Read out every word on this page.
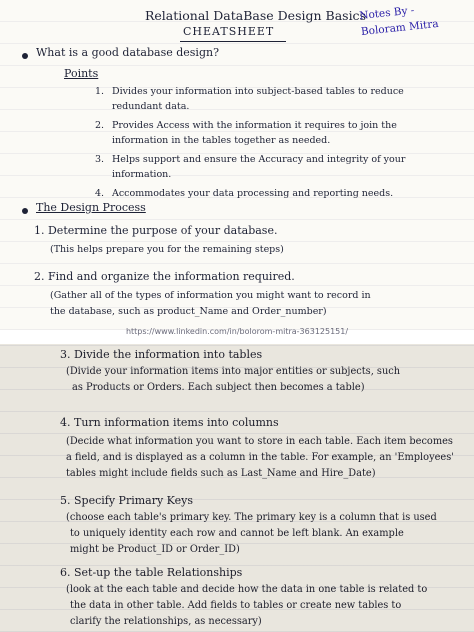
Relational DataBase Design Basics
CHEATSHEET
Notes By -
Boloram Mitra
What is a good database design?
Points
1. Divides your information into subject-based tables to reduce
redundant data.
2. Provides Access with the information it requires to join the
information in the tables together as needed.
3. Helps support and ensure the Accuracy and integrity of your
information.
4. Accommodates your data processing and reporting needs.
The Design Process
1. Determine the purpose of your database.
(This helps prepare you for the remaining steps)
2. Find and organize the information required.
(Gather all of the types of information you might want to record in
the database, such as product_Name and Order_number)
https://www.linkedin.com/in/bolorom-mitra-363125151/
3. Divide the information into tables
(Divide your information items into major entities or subjects, such
as Products or Orders. Each subject then becomes a table)
4. Turn information items into columns
(Decide what information you want to store in each table. Each item becomes
a field, and is displayed as a column in the table. For example, an 'Employees'
tables might include fields such as Last_Name and Hire_Date)
5. Specify Primary Keys
(choose each table's primary key. The primary key is a column that is used
to uniquely identity each row and cannot be left blank. An example
might be Product_ID or Order_ID)
6. Set-up the table Relationships
(look at the each table and decide how the data in one table is related to
the data in other table. Add fields to tables or create new tables to
clarify the relationships, as necessary)
